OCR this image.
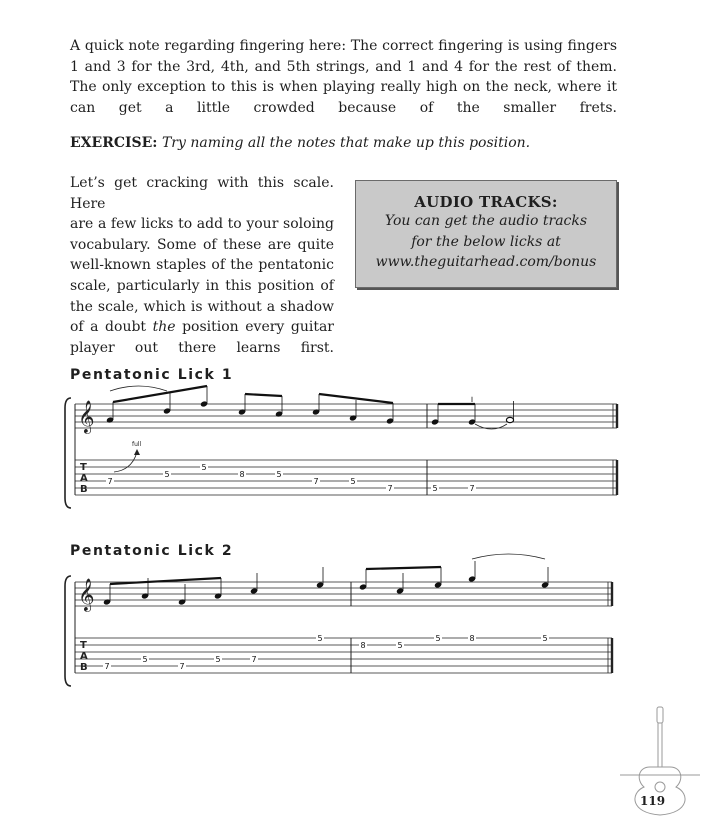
A quick note regarding fingering here: The correct fingering is using fingers
1 and 3 for the 3rd, 4th, and 5th strings, and 1 and 4 for the rest of them.
The only exception to this is when playing really high on the neck, where it
can get a little crowded because of the smaller frets.

EXERCISE: Try naming all the notes that make up this position.

Let’s get cracking with this scale. Here
are a few licks to add to your soloing
vocabulary. Some of these are quite
well-known staples of the pentatonic
scale, particularly in this position of
the scale, which is without a shadow
of a doubt the position every guitar
player out there learns first.

AUDIO TRACKS:
You can get the audio tracks
for the below licks at
www.theguitarhead.com/bonus
Pentatonic Lick 1
Pentatonic Lick 2
𝄞
T
A
B
7
5
5
8	5
7	5
7	5	7
full
𝄞
T
A
B 7
5
7
5	7
5
8	5
5	8	5
119
